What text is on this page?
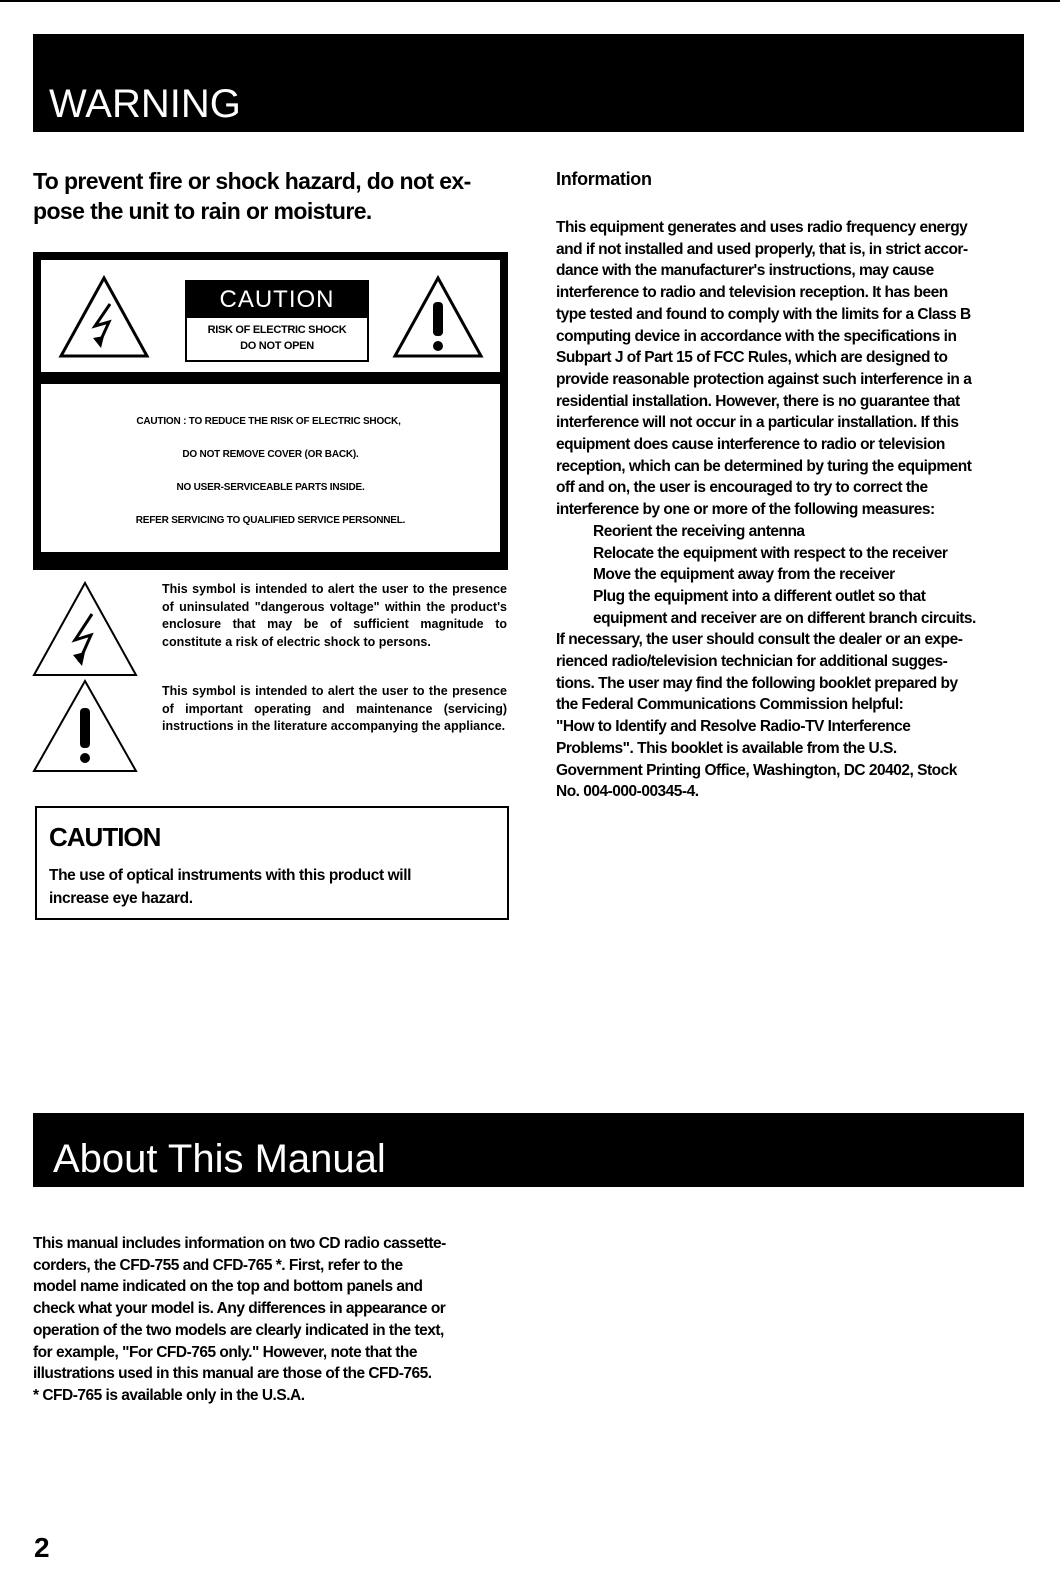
WARNING
To prevent fire or shock hazard, do not ex-
pose the unit to rain or moisture.
CAUTION
RISK OF ELECTRIC SHOCK
DO NOT OPEN
CAUTION : TO REDUCE THE RISK OF ELECTRIC SHOCK,
DO NOT REMOVE COVER (OR BACK).
NO USER-SERVICEABLE PARTS INSIDE.
REFER SERVICING TO QUALIFIED SERVICE PERSONNEL.
This symbol is intended to alert the user to the presence of uninsulated "dangerous voltage" within the product's enclosure that may be of sufficient magnitude to constitute a risk of electric shock to persons.
This symbol is intended to alert the user to the presence of important operating and maintenance (servicing) instructions in the literature accompanying the appliance.
CAUTION
The use of optical instruments with this product will
increase eye hazard.
Information
This equipment generates and uses radio frequency energy
and if not installed and used properly, that is, in strict accor-
dance with the manufacturer's instructions, may cause
interference to radio and television reception. It has been
type tested and found to comply with the limits for a Class B
computing device in accordance with the specifications in
Subpart J of Part 15 of FCC Rules, which are designed to
provide reasonable protection against such interference in a
residential installation. However, there is no guarantee that
interference will not occur in a particular installation. If this
equipment does cause interference to radio or television
reception, which can be determined by turing the equipment
off and on, the user is encouraged to try to correct the
interference by one or more of the following measures:
Reorient the receiving antenna
Relocate the equipment with respect to the receiver
Move the equipment away from the receiver
Plug the equipment into a different outlet so that
equipment and receiver are on different branch circuits.
If necessary, the user should consult the dealer or an expe-
rienced radio/television technician for additional sugges-
tions. The user may find the following booklet prepared by
the Federal Communications Commission helpful:
"How to Identify and Resolve Radio-TV Interference
Problems". This booklet is available from the U.S.
Government Printing Office, Washington, DC 20402, Stock
No. 004-000-00345-4.
About This Manual
This manual includes information on two CD radio cassette-
corders, the CFD-755 and CFD-765 *. First, refer to the
model name indicated on the top and bottom panels and
check what your model is. Any differences in appearance or
operation of the two models are clearly indicated in the text,
for example, "For CFD-765 only." However, note that the
illustrations used in this manual are those of the CFD-765.
* CFD-765 is available only in the U.S.A.
2
